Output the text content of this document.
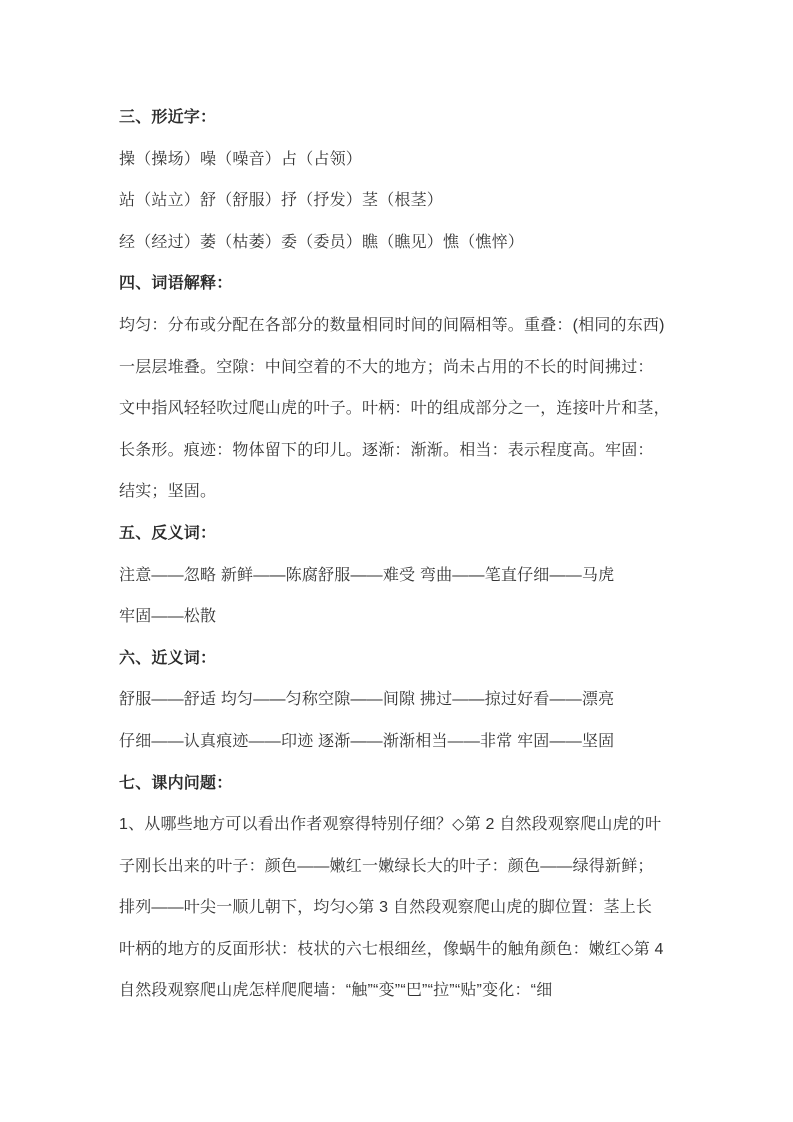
三、形近字：
操（操场）噪（噪音）占（占领）
站（站立）舒（舒服）抒（抒发）茎（根茎）
经（经过）萎（枯萎）委（委员）瞧（瞧见）憔（憔悴）
四、词语解释：
均匀：分布或分配在各部分的数量相同时间的间隔相等。重叠：(相同的东西)
一层层堆叠。空隙：中间空着的不大的地方；尚未占用的不长的时间拂过：
文中指风轻轻吹过爬山虎的叶子。叶柄：叶的组成部分之一，连接叶片和茎，
长条形。痕迹：物体留下的印儿。逐渐：渐渐。相当：表示程度高。牢固：
结实；坚固。
五、反义词：
注意——忽略 新鲜——陈腐舒服——难受 弯曲——笔直仔细——马虎
牢固——松散
六、近义词：
舒服——舒适 均匀——匀称空隙——间隙 拂过——掠过好看——漂亮
仔细——认真痕迹——印迹 逐渐——渐渐相当——非常 牢固——坚固
七、课内问题：
1、从哪些地方可以看出作者观察得特别仔细？◇第 2 自然段观察爬山虎的叶
子刚长出来的叶子：颜色——嫩红一嫩绿长大的叶子：颜色——绿得新鲜；
排列——叶尖一顺儿朝下，均匀◇第 3 自然段观察爬山虎的脚位置：茎上长
叶柄的地方的反面形状：枝状的六七根细丝，像蜗牛的触角颜色：嫩红◇第 4
自然段观察爬山虎怎样爬爬墙：“触”“变”“巴”“拉”“贴”变化：“细
